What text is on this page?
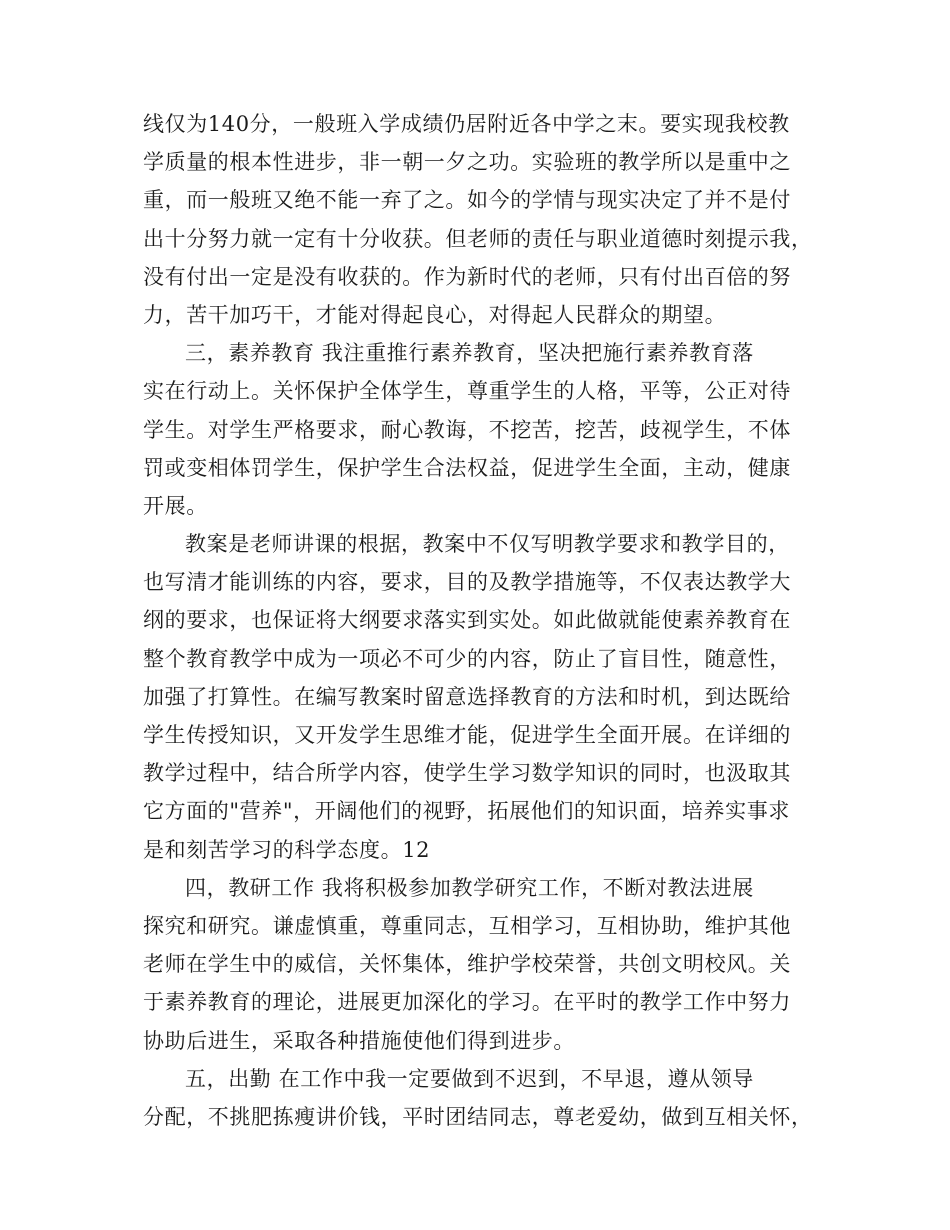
线仅为140分，一般班入学成绩仍居附近各中学之末。要实现我校教
学质量的根本性进步，非一朝一夕之功。实验班的教学所以是重中之
重，而一般班又绝不能一弃了之。如今的学情与现实决定了并不是付
出十分努力就一定有十分收获。但老师的责任与职业道德时刻提示我，
没有付出一定是没有收获的。作为新时代的老师，只有付出百倍的努
力，苦干加巧干，才能对得起良心，对得起人民群众的期望。
三，素养教育 我注重推行素养教育，坚决把施行素养教育落
实在行动上。关怀保护全体学生，尊重学生的人格，平等，公正对待
学生。对学生严格要求，耐心教诲，不挖苦，挖苦，歧视学生，不体
罚或变相体罚学生，保护学生合法权益，促进学生全面，主动，健康
开展。
教案是老师讲课的根据，教案中不仅写明教学要求和教学目的，
也写清才能训练的内容，要求，目的及教学措施等，不仅表达教学大
纲的要求，也保证将大纲要求落实到实处。如此做就能使素养教育在
整个教育教学中成为一项必不可少的内容，防止了盲目性，随意性，
加强了打算性。在编写教案时留意选择教育的方法和时机，到达既给
学生传授知识，又开发学生思维才能，促进学生全面开展。在详细的
教学过程中，结合所学内容，使学生学习数学知识的同时，也汲取其
它方面的"营养"，开阔他们的视野，拓展他们的知识面，培养实事求
是和刻苦学习的科学态度。12
四，教研工作 我将积极参加教学研究工作，不断对教法进展
探究和研究。谦虚慎重，尊重同志，互相学习，互相协助，维护其他
老师在学生中的威信，关怀集体，维护学校荣誉，共创文明校风。关
于素养教育的理论，进展更加深化的学习。在平时的教学工作中努力
协助后进生，采取各种措施使他们得到进步。
五，出勤 在工作中我一定要做到不迟到，不早退，遵从领导
分配，不挑肥拣瘦讲价钱，平时团结同志，尊老爱幼，做到互相关怀，
